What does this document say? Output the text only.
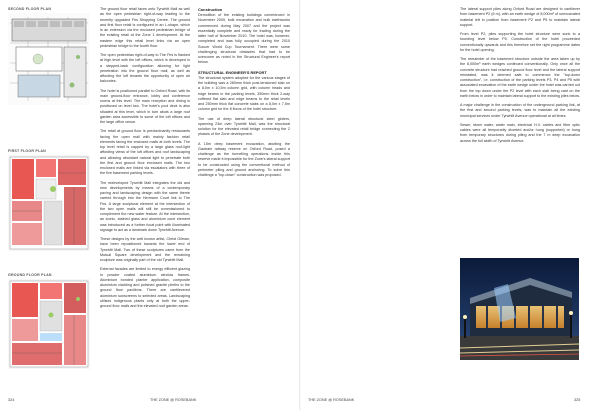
SECOND FLOOR PLAN
FIRST FLOOR PLAN
GROUND FLOOR PLAN

The ground floor retail faces onto Tyrwhitt Mall as well as the open pedestrian right-of-way leading to the recently upgraded Firs Shopping Centre. The ground and first floor retail is configured in an L-shape, which is an extension via the enclosed pedestrian bridge of the existing retail at the Zone 1 development. At the eastern edge this retail level links via an open pedestrian bridge to the fourth floor.

The open pedestrian right-of-way to The Firs is flanked at high level with the loft offices, which is developed in a stepped-back configuration allowing for light penetration into the ground floor mall, as well as affording the loft tenants the opportunity of open air balconies.

The hotel is positioned parallel to Oxford Road, with its main ground-floor entrance, lobby and conference rooms at this level. The main reception and dining is positioned on level two. The hotel's pool deck is also situated at this level, which in turn abuts a large roof garden area accessible to some of the loft offices and the large office venue.

The retail at ground floor is predominantly restaurants facing the open mall with mainly fashion retail elements facing the enclosed malls at both levels. The top level retail is capped by a large glass roof-light affording views of the loft offices and roof landscaping and allowing abundant natural light to penetrate both the first and ground floor enclosed malls. The two enclosed malls are linked via escalators with three of the five basement parking levels.

The redeveloped Tyrwhitt Mall integrates the old and new developments by means of a contemporary paving and landscaping design with the same theme carried through into the Hermann Court link to The Firs. A large sculptural element at the intersection of the two open malls will still be commissioned to complement the new water feature. At the intersection, an iconic, stained glass and aluminium cone element was introduced as a further focal point with illuminated signage to act as a landmark down Tyrwhitt Avenue.

These designs by the well known artist, Christ Gilman, have been repositioned towards the lower end of Tyrwhitt Mall. Two of these sculptures came from the Mutual Square development and the remaining sculpture was originally part of the old Tyrwhitt Mall.

External facades are limited to energy efficient glazing in powder coated aluminium window frames. Aluminium bonded planter application, composite aluminium cladding and polished granite plinths to the ground floor pavilions. There are cantilevered aluminium sunscreens to selected areas. Landscaping utilises indigenous plants only at both the upper- ground floor malls and the elevated roof garden areas.

Construction

Demolition of the existing buildings commenced in November 2009, bulk excavation and bulk earthworks commenced during May 2007 and the project was essentially complete and ready for trading during the latter half of November 2010. The hotel was, however, completed and was fully occupied during the 2010 Soccer World Cup Tournament. There were some challenging structural obstacles that had to be overcome as noted in the Structural Engineer's report below.

STRUCTURAL ENGINEER'S REPORT

The structural system adopted for the various stages of the building was a 280mm thick post-tensioned slab on a 8,0m x 10,5m column grid, with column heads and edge beams in the parking levels, 350mm thick 2-way coffered flat slab and edge beams to the retail levels and 250mm thick flat concrete slabs on a 8,0m x 7,5m column grid for the 8 floors of the hotel structure.

The use of deep lateral structural steel girders, spanning 23m over Tyrwhitt Mall, was the structural solution for the elevated retail bridge connecting the 2 phases of the Zone development.

A 15m deep basement excavation, abutting the Gautrain railway reserve on Oxford Road, posed a challenge as the tunnelling operations inside this reserve made it impossible for the Zone's lateral support to be constructed using the conventional method of perimeter piling and ground anchoring. To solve this challenge a "top-down" construction was proposed.

324	THE ZONE @ ROSEBANK

The lateral support piles along Oxford Road are designed to cantilever from basement P2 (6 m), with an earth wedge of 8,000m³ of unexcavated material left in position from basement P2 and P5 to maintain lateral support.

From level P2, piles supporting the hotel structure were sunk to a founding level below P5. Construction of the hotel proceeded conventionally upwards and this therefore set the right programme dates for the hotel opening.

The remainder of the basement structure outside the area taken up by the 8,000m³ earth wedges continued conventionally. Only once all the concrete structure had reached ground floor level and the lateral support reinstated, was it deemed safe to commence the "top-down construction", i.e. construction of the parking levels P3, P4 and P5 with associated excavation of the earth wedge under the hotel was carried out from the top down under the P2 level with each slab being cast on the earth below in order to maintain lateral support to the existing piles below.

A major challenge in the construction of the underground parking link, at the first and second parking levels, was to maintain all the existing municipal services under Tyrwhitt Avenue operational at all times.

Sewer, storm water, water main, electrical H.V. cables and fibre optic cables were all temporarily diverted and/or hung (supported) or hung from temporary structures during piling and the 7 m deep excavation across the full width of Tyrwhitt Avenue.

THE ZONE @ ROSEBANK	325
